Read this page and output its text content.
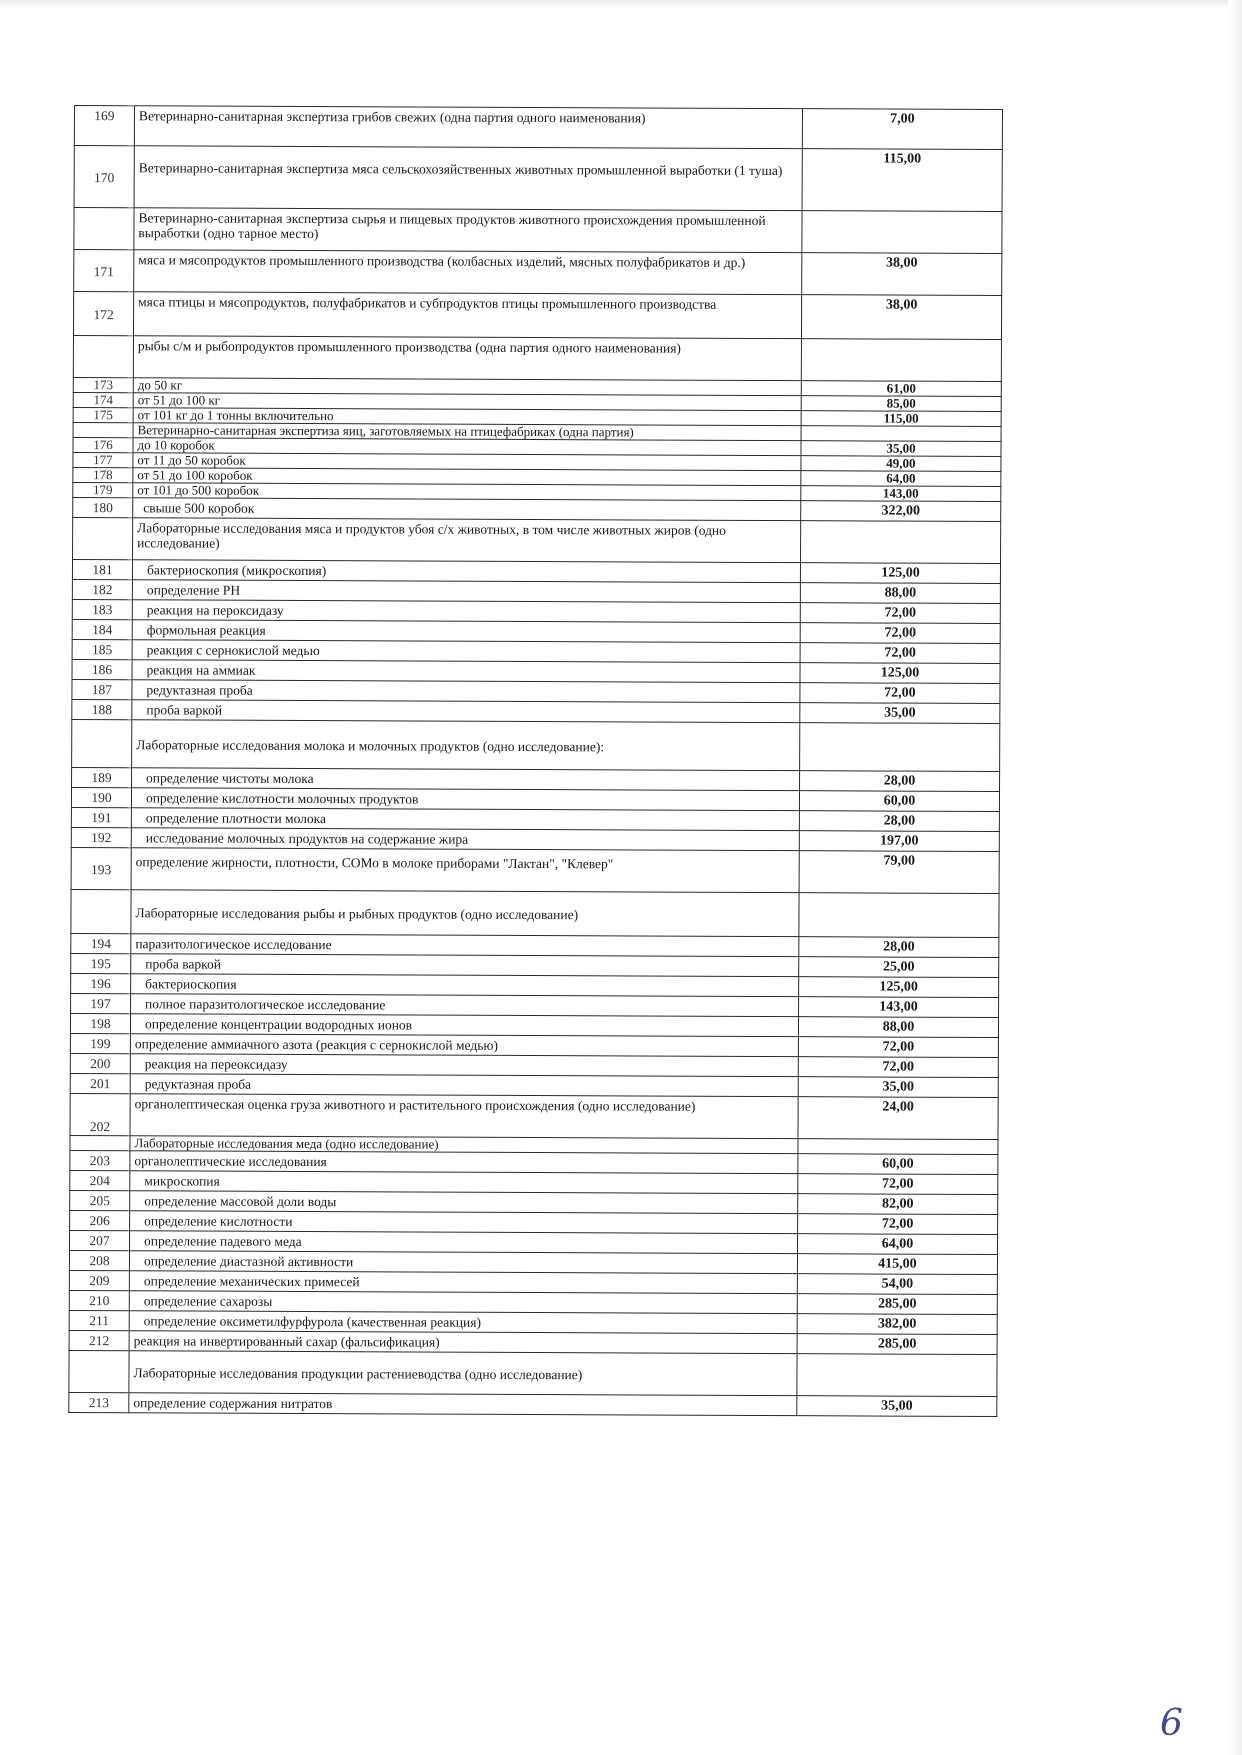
169	Ветеринарно-санитарная экспертиза грибов свежих (одна партия одного наименования)	7,00
170	Ветеринарно-санитарная экспертиза мяса сельскохозяйственных животных промышленной выработки (1 туша)	115,00
	Ветеринарно-санитарная экспертиза сырья и пищевых продуктов животного происхождения промышленной выработки (одно тарное место)	
171	мяса и мясопродуктов промышленного производства (колбасных изделий, мясных полуфабрикатов и др.)	38,00
172	мяса птицы и мясопродуктов, полуфабрикатов и субпродуктов птицы промышленного производства	38,00
	рыбы с/м и рыбопродуктов промышленного производства (одна партия одного наименования)	
173	до 50 кг	61,00
174	от 51 до 100 кг	85,00
175	от 101 кг до 1 тонны включительно	115,00
	Ветеринарно-санитарная экспертиза яиц, заготовляемых на птицефабриках (одна партия)	
176	до 10 коробок	35,00
177	от 11 до 50 коробок	49,00
178	от 51 до 100 коробок	64,00
179	от 101 до 500 коробок	143,00
180	свыше 500 коробок	322,00
	Лабораторные исследования мяса и продуктов убоя с/х животных, в том числе животных жиров (одно исследование)	
181	бактериоскопия (микроскопия)	125,00
182	определение РН	88,00
183	реакция на пероксидазу	72,00
184	формольная реакция	72,00
185	реакция с сернокислой медью	72,00
186	реакция на аммиак	125,00
187	редуктазная проба	72,00
188	проба варкой	35,00
	Лабораторные исследования молока и молочных продуктов (одно исследование):	
189	определение чистоты молока	28,00
190	определение кислотности молочных продуктов	60,00
191	определение плотности молока	28,00
192	исследование молочных продуктов на содержание жира	197,00
193	определение жирности, плотности, СОМо в молоке приборами "Лактан", "Клевер"	79,00
	Лабораторные исследования рыбы и рыбных продуктов (одно исследование)	
194	паразитологическое исследование	28,00
195	проба варкой	25,00
196	бактериоскопия	125,00
197	полное паразитологическое исследование	143,00
198	определение концентрации водородных ионов	88,00
199	определение аммиачного азота (реакция с сернокислой медью)	72,00
200	реакция на переоксидазу	72,00
201	редуктазная проба	35,00
202	органолептическая оценка груза животного и растительного происхождения (одно исследование)	24,00
	Лабораторные исследования меда (одно исследование)	
203	органолептические исследования	60,00
204	микроскопия	72,00
205	определение массовой доли воды	82,00
206	определение кислотности	72,00
207	определение падевого меда	64,00
208	определение диастазной активности	415,00
209	определение механических примесей	54,00
210	определение сахарозы	285,00
211	определение оксиметилфурфурола (качественная реакция)	382,00
212	реакция на инвертированный сахар (фальсификация)	285,00
	Лабораторные исследования продукции растениеводства (одно исследование)	
213	определение содержания нитратов	35,00
6
